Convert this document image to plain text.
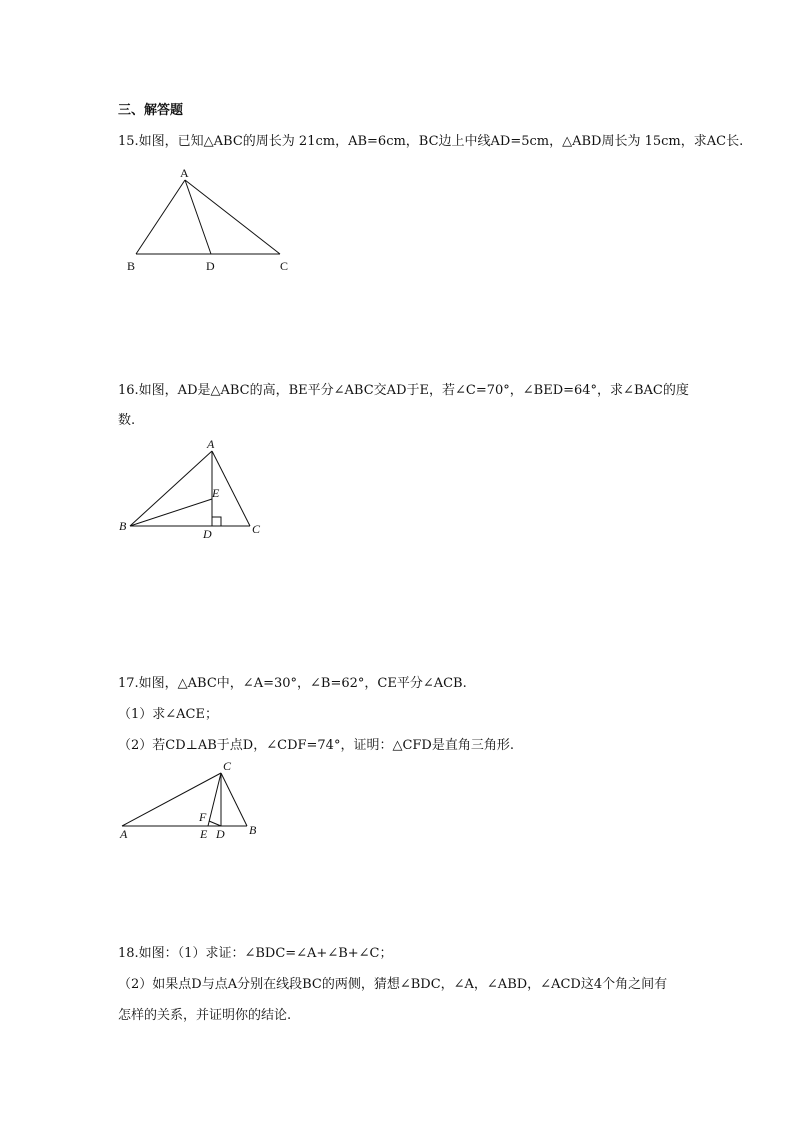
三、解答题
15.如图，已知△ABC的周长为 21cm，AB=6cm，BC边上中线AD=5cm，△ABD周长为 15cm，求AC长.
A
B	D	C
16.如图，AD是△ABC的高，BE平分∠ABC交AD于E，若∠C=70°，∠BED=64°，求∠BAC的度
数.
A
E
B
D	C
17.如图，△ABC中，∠A=30°，∠B=62°，CE平分∠ACB.
（1）求∠ACE；
（2）若CD⊥AB于点D，∠CDF=74°，证明：△CFD是直角三角形.
C
F
A	E D B
18.如图：（1）求证：∠BDC=∠A+∠B+∠C；
（2）如果点D与点A分别在线段BC的两侧，猜想∠BDC，∠A，∠ABD，∠ACD这4个角之间有
怎样的关系，并证明你的结论.
